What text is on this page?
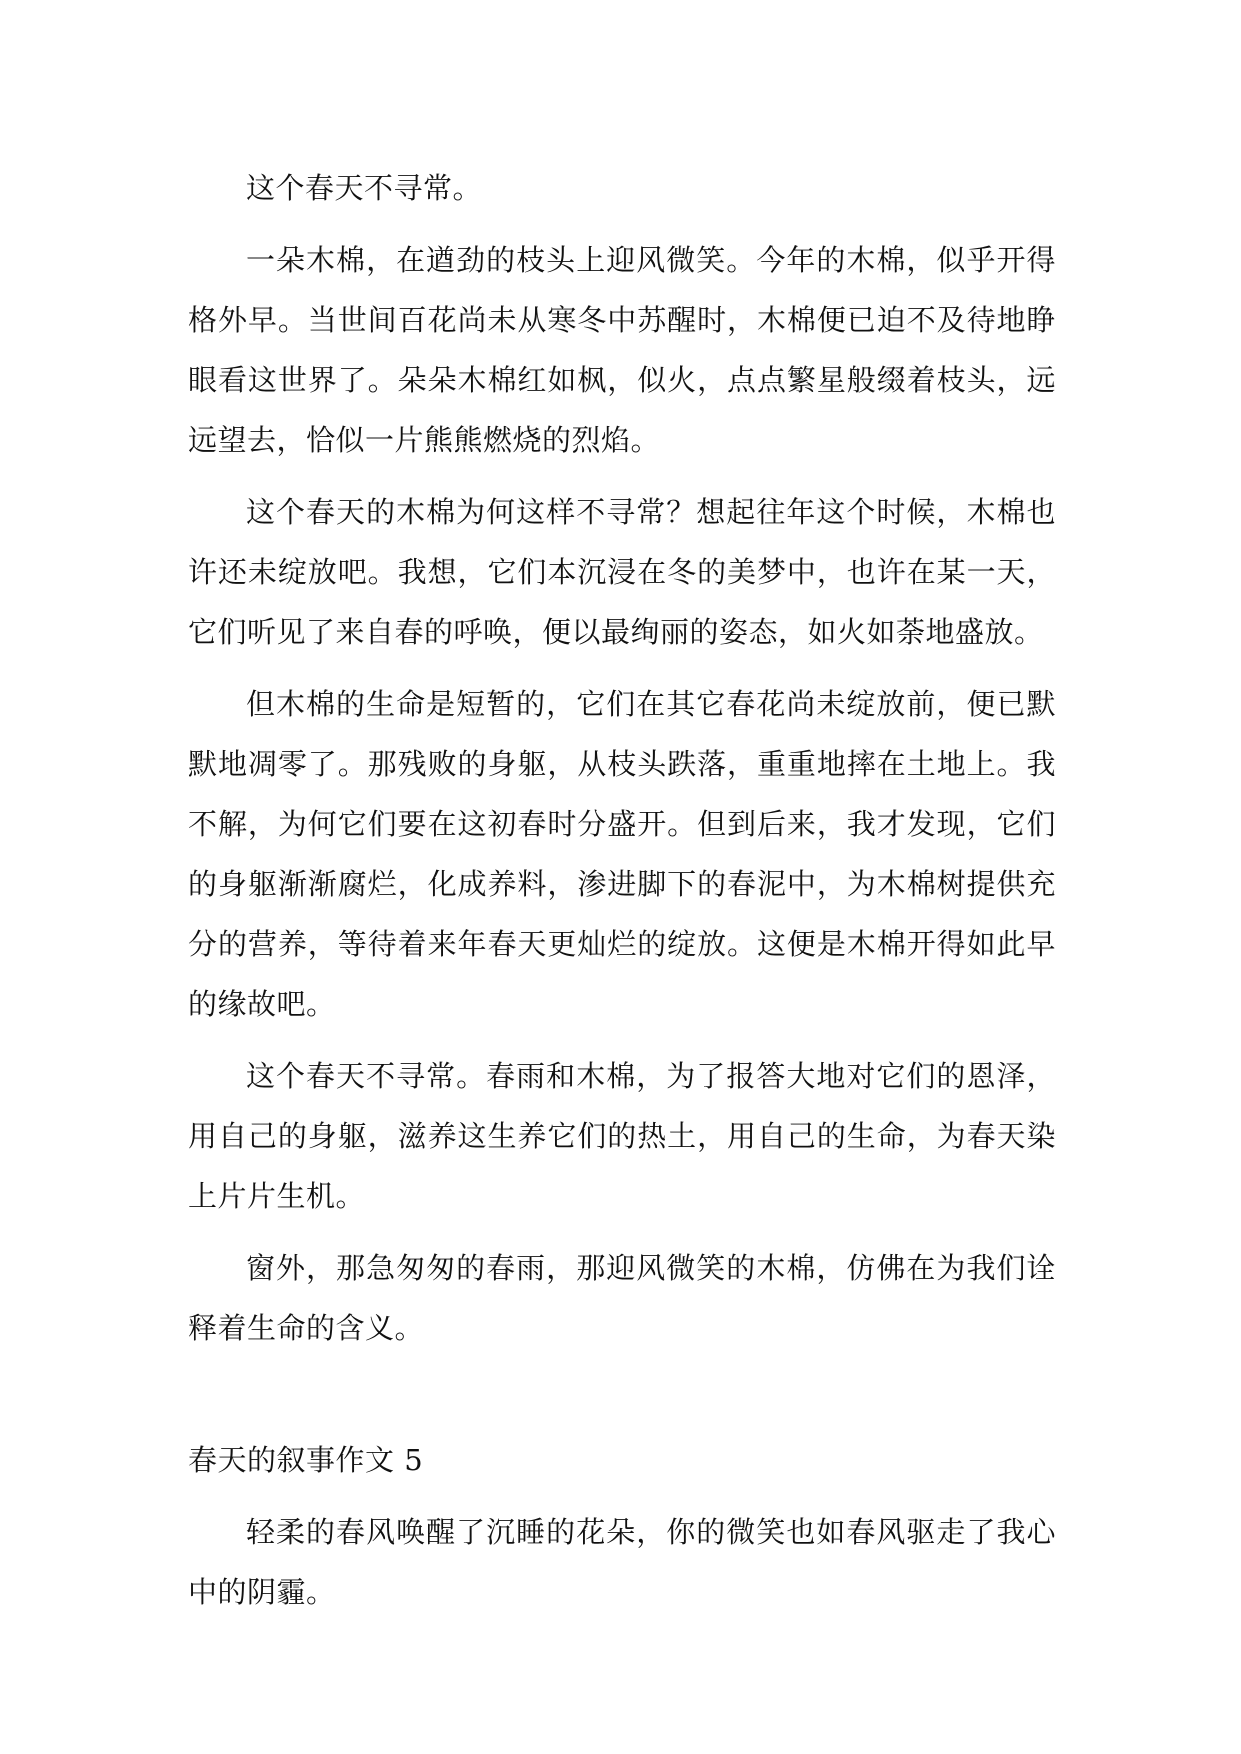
这个春天不寻常。

一朵木棉，在遒劲的枝头上迎风微笑。今年的木棉，似乎开得格外早。当世间百花尚未从寒冬中苏醒时，木棉便已迫不及待地睁眼看这世界了。朵朵木棉红如枫，似火，点点繁星般缀着枝头，远远望去，恰似一片熊熊燃烧的烈焰。

这个春天的木棉为何这样不寻常？想起往年这个时候，木棉也许还未绽放吧。我想，它们本沉浸在冬的美梦中，也许在某一天，它们听见了来自春的呼唤，便以最绚丽的姿态，如火如荼地盛放。

但木棉的生命是短暂的，它们在其它春花尚未绽放前，便已默默地凋零了。那残败的身躯，从枝头跌落，重重地摔在土地上。我不解，为何它们要在这初春时分盛开。但到后来，我才发现，它们的身躯渐渐腐烂，化成养料，渗进脚下的春泥中，为木棉树提供充分的营养，等待着来年春天更灿烂的绽放。这便是木棉开得如此早的缘故吧。

这个春天不寻常。春雨和木棉，为了报答大地对它们的恩泽，用自己的身躯，滋养这生养它们的热土，用自己的生命，为春天染上片片生机。

窗外，那急匆匆的春雨，那迎风微笑的木棉，仿佛在为我们诠释着生命的含义。

春天的叙事作文 5

轻柔的春风唤醒了沉睡的花朵，你的微笑也如春风驱走了我心中的阴霾。
